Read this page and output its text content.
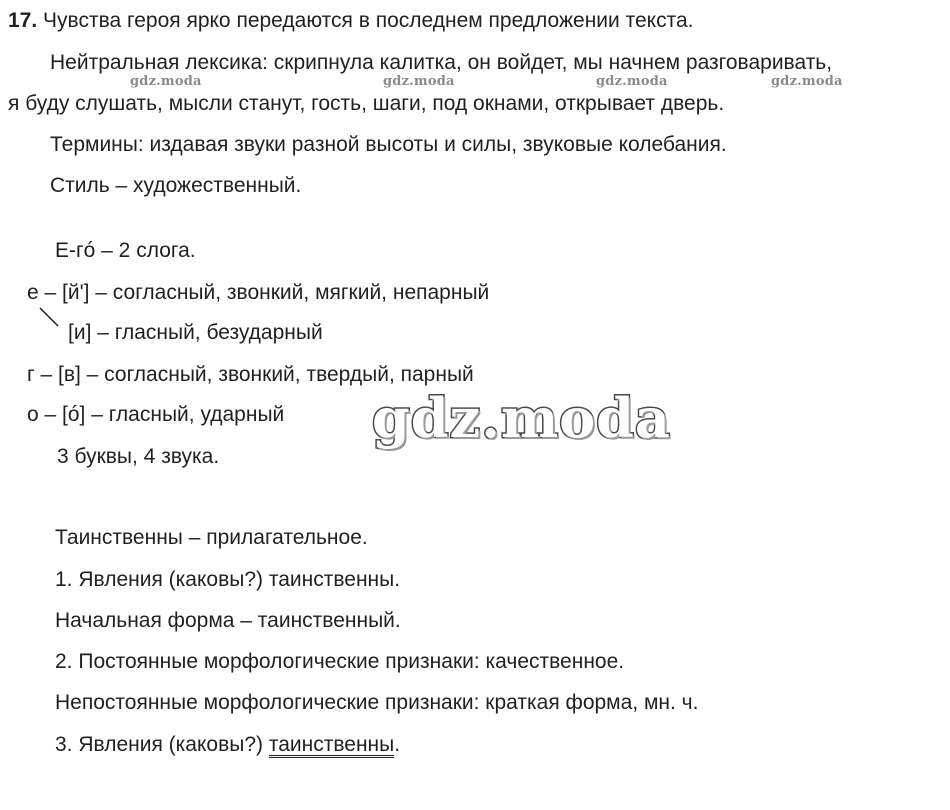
17. Чувства героя ярко передаются в последнем предложении текста.
Нейтральная лексика: скрипнула калитка, он войдет, мы начнем разговаривать,
gdz.moda	gdz.moda	gdz.moda	gdz.moda
я буду слушать, мысли станут, гость, шаги, под окнами, открывает дверь.
Термины: издавая звуки разной высоты и силы, звуковые колебания.
Стиль – художественный.
Е-гó – 2 слога.
е – [й'] – согласный, звонкий, мягкий, непарный
[и] – гласный, безударный
г – [в] – согласный, звонкий, твердый, парный
о – [ó] – гласный, ударный gdz.moda
3 буквы, 4 звука.
Таинственны – прилагательное.
1. Явления (каковы?) таинственны.
Начальная форма – таинственный.
2. Постоянные морфологические признаки: качественное.
Непостоянные морфологические признаки: краткая форма, мн. ч.
3. Явления (каковы?) таинственны.
